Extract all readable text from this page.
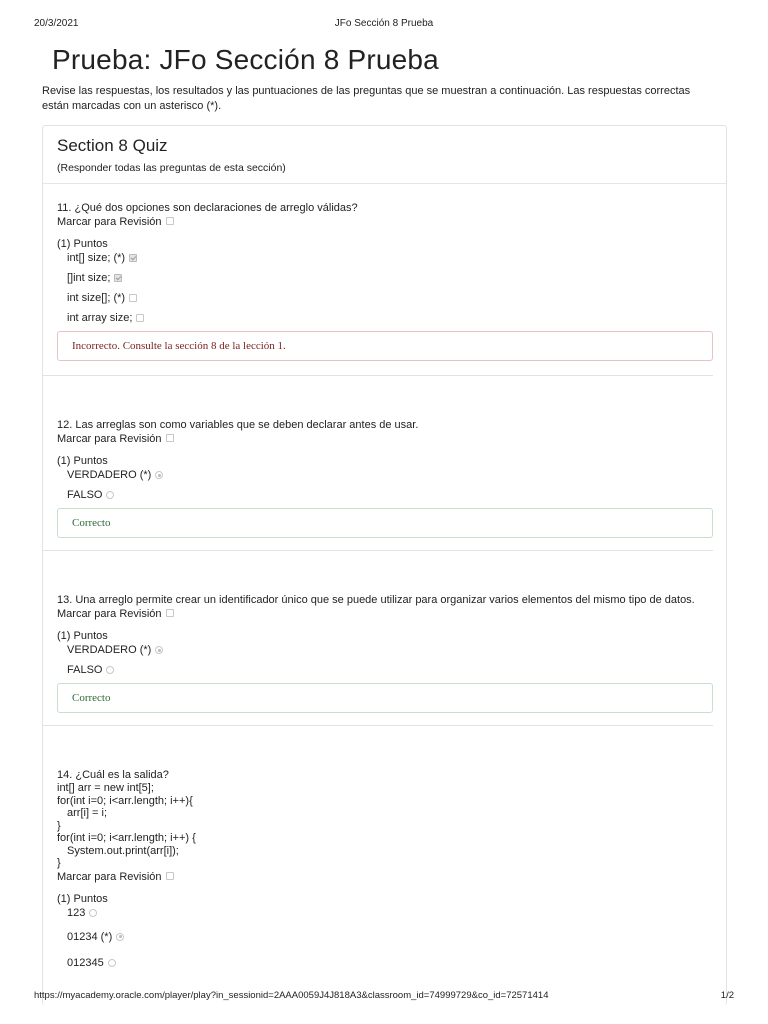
20/3/2021	JFo Sección 8 Prueba
Prueba: JFo Sección 8 Prueba
Revise las respuestas, los resultados y las puntuaciones de las preguntas que se muestran a continuación. Las respuestas correctas están marcadas con un asterisco (*).
Section 8 Quiz
(Responder todas las preguntas de esta sección)
11. ¿Qué dos opciones son declaraciones de arreglo válidas?
Marcar para Revisión
(1) Puntos
int[] size; (*)
[]int size;
int size[]; (*)
int array size;
Incorrecto. Consulte la sección 8 de la lección 1.
12. Las arreglas son como variables que se deben declarar antes de usar.
Marcar para Revisión
(1) Puntos
VERDADERO (*)
FALSO
Correcto
13. Una arreglo permite crear un identificador único que se puede utilizar para organizar varios elementos del mismo tipo de datos.
Marcar para Revisión
(1) Puntos
VERDADERO (*)
FALSO
Correcto
14. ¿Cuál es la salida?
int[] arr = new int[5];
for(int i=0; i<arr.length; i++){
arr[i] = i;
}
for(int i=0; i<arr.length; i++) {
System.out.print(arr[i]);
}
Marcar para Revisión
(1) Puntos
123
01234 (*)
012345
https://myacademy.oracle.com/player/play?in_sessionid=2AAA0059J4J818A3&classroom_id=74999729&co_id=72571414	1/2
